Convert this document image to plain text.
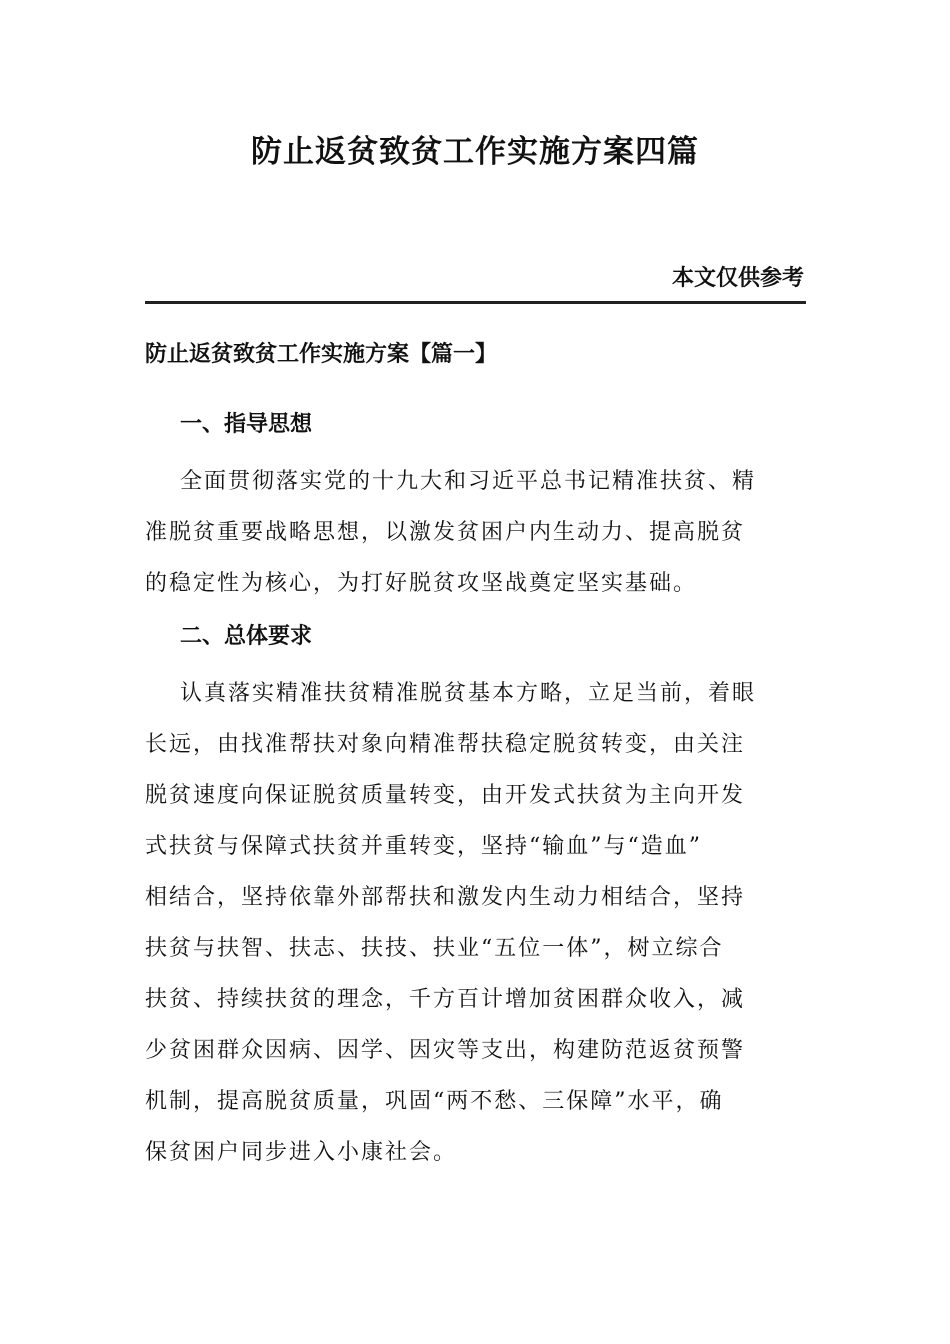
防止返贫致贫工作实施方案四篇
本文仅供参考
防止返贫致贫工作实施方案【篇一】
一、指导思想
全面贯彻落实党的十九大和习近平总书记精准扶贫、精
准脱贫重要战略思想，以激发贫困户内生动力、提高脱贫
的稳定性为核心，为打好脱贫攻坚战奠定坚实基础。
二、总体要求
认真落实精准扶贫精准脱贫基本方略，立足当前，着眼
长远，由找准帮扶对象向精准帮扶稳定脱贫转变，由关注
脱贫速度向保证脱贫质量转变，由开发式扶贫为主向开发
式扶贫与保障式扶贫并重转变，坚持“输血”与“造血”
相结合，坚持依靠外部帮扶和激发内生动力相结合，坚持
扶贫与扶智、扶志、扶技、扶业“五位一体”，树立综合
扶贫、持续扶贫的理念，千方百计增加贫困群众收入，减
少贫困群众因病、因学、因灾等支出，构建防范返贫预警
机制，提高脱贫质量，巩固“两不愁、三保障”水平，确
保贫困户同步进入小康社会。
